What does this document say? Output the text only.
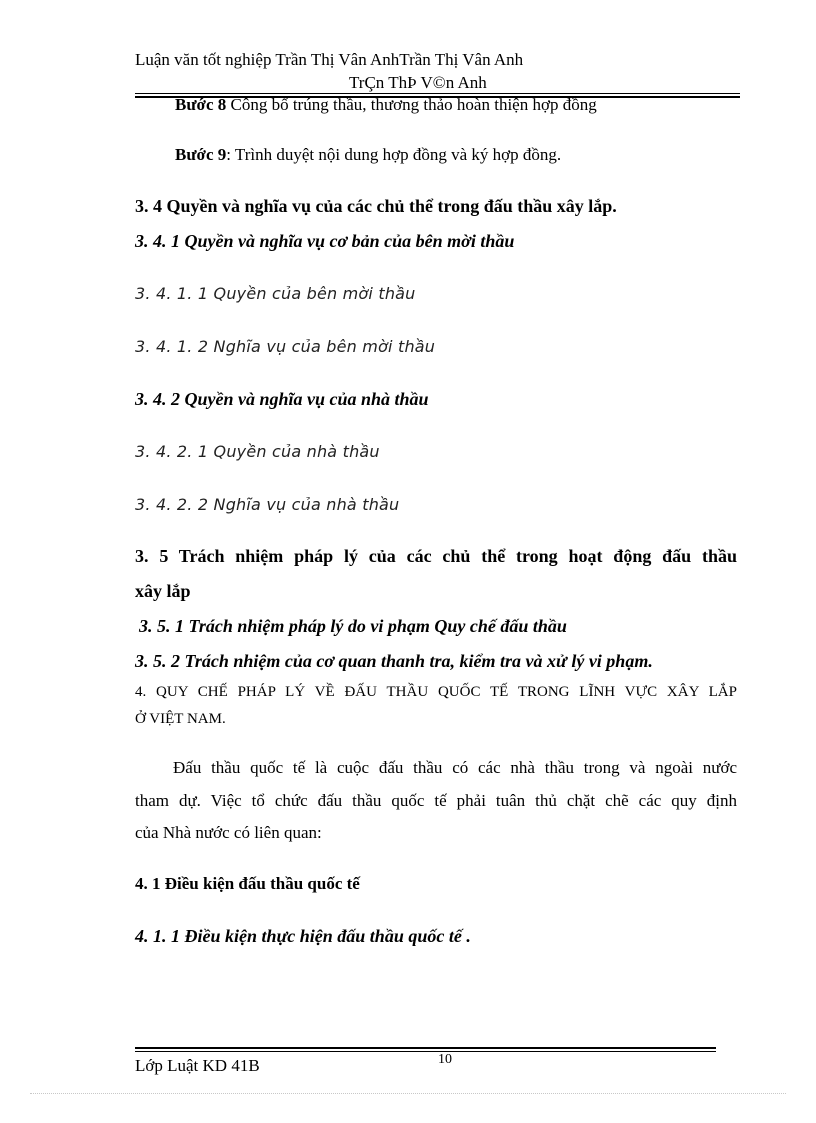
Luận văn tốt nghiệp Trần Thị Vân AnhTrần Thị Vân Anh
TrÇn ThÞ V©n Anh
Bước 8 Công bố trúng thầu, thương thảo hoàn thiện hợp đồng
Bước 9: Trình duyệt nội dung hợp đồng và ký hợp đồng.
3. 4 Quyền và nghĩa vụ của các chủ thể trong đấu thầu xây lắp.
3. 4. 1 Quyền và nghĩa vụ cơ bản của bên mời thầu
3. 4. 1. 1 Quyền của bên mời thầu
3. 4. 1. 2 Nghĩa vụ của bên mời thầu
3. 4. 2 Quyền và nghĩa vụ của nhà thầu
3. 4. 2. 1 Quyền của nhà thầu
3. 4. 2. 2 Nghĩa vụ của nhà thầu
3. 5 Trách nhiệm pháp lý của các chủ thể trong hoạt động đấu thầu
xây lắp
3. 5. 1 Trách nhiệm pháp lý do vi phạm Quy chế đấu thầu
3. 5. 2 Trách nhiệm của cơ quan thanh tra, kiểm tra và xử lý vi phạm.
4. QUY CHẾ PHÁP LÝ VỀ ĐẤU THẦU QUỐC TẾ TRONG LĨNH VỰC XÂY LẮP
Ở VIỆT NAM.
Đấu thầu quốc tế là cuộc đấu thầu có các nhà thầu trong và ngoài nước
tham dự. Việc tổ chức đấu thầu quốc tế phải tuân thủ chặt chẽ các quy định
của Nhà nước có liên quan:
4. 1 Điều kiện đấu thầu quốc tế
4. 1. 1 Điều kiện thực hiện đấu thầu quốc tế .
10
Lớp Luật KD 41B
